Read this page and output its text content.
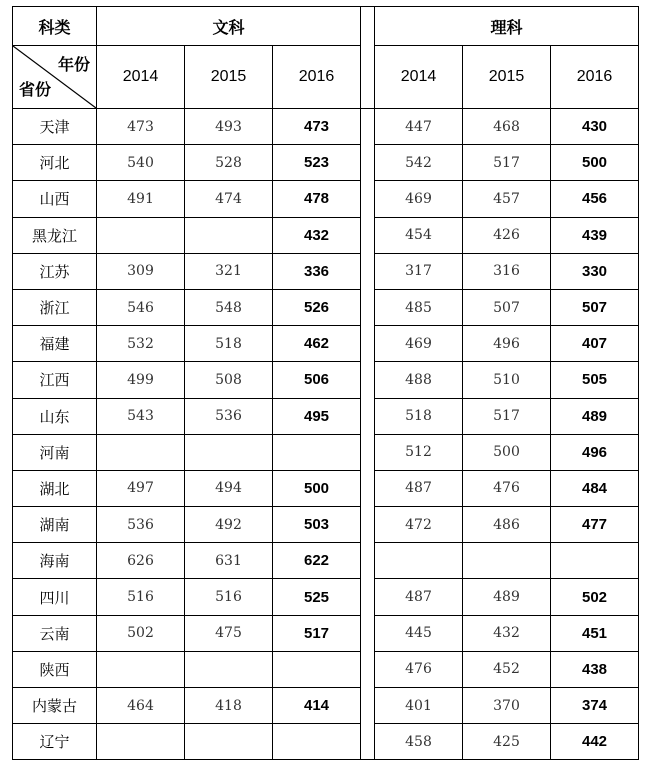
科类	文科				理科		

年份
省份	2014	2015	2016		2014	2015	2016
天津	473	493	473		447	468	430
河北	540	528	523		542	517	500
山西	491	474	478		469	457	456
黑龙江			432		454	426	439
江苏	309	321	336		317	316	330
浙江	546	548	526		485	507	507
福建	532	518	462		469	496	407
江西	499	508	506		488	510	505
山东	543	536	495		518	517	489
河南					512	500	496
湖北	497	494	500		487	476	484
湖南	536	492	503		472	486	477
海南	626	631	622				
四川	516	516	525		487	489	502
云南	502	475	517		445	432	451
陕西					476	452	438
内蒙古	464	418	414		401	370	374
辽宁					458	425	442
